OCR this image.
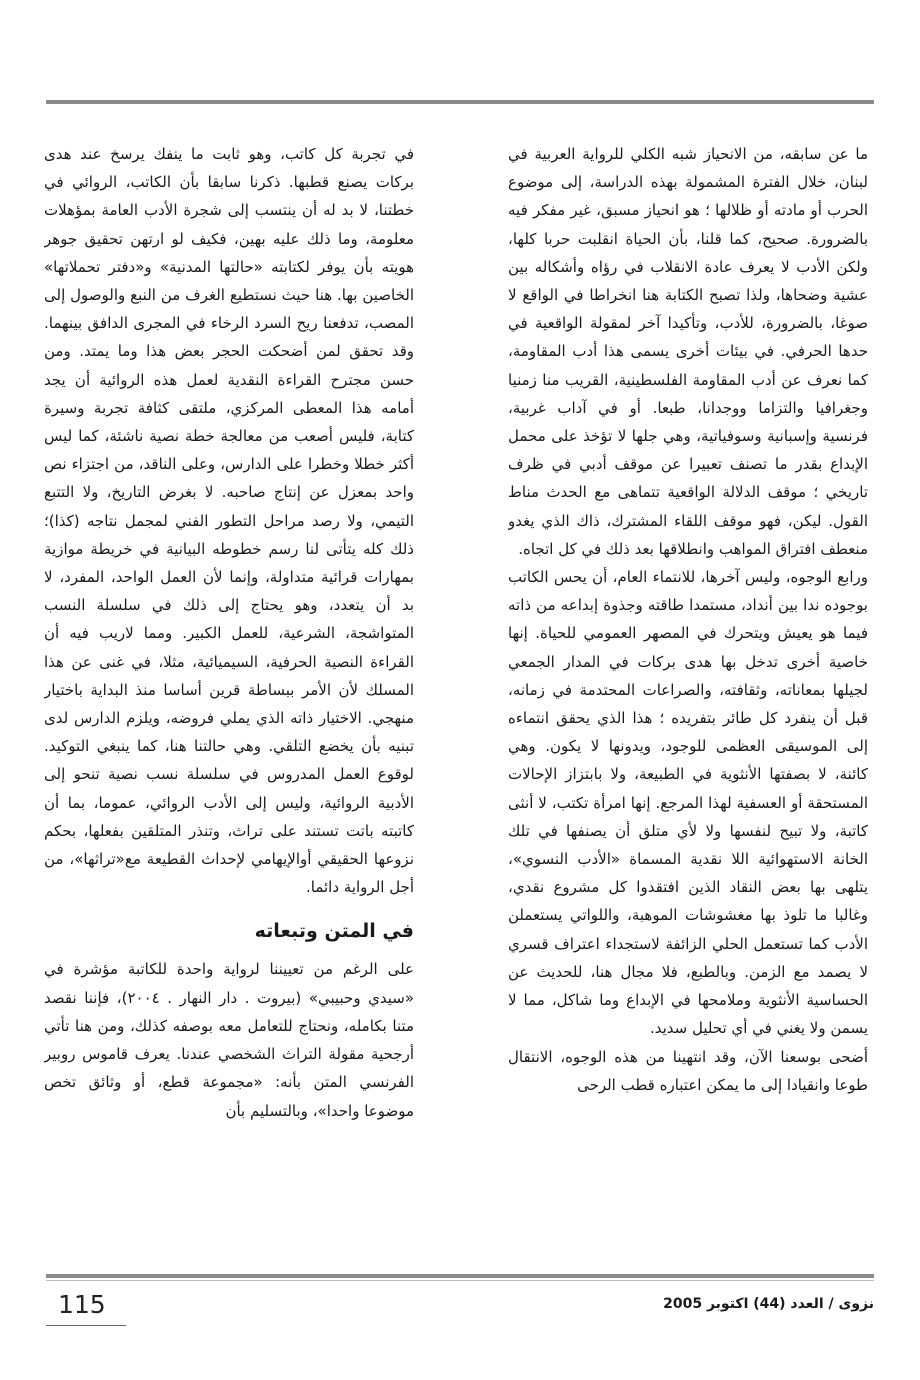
ما عن سابقه، من الانحياز شبه الكلي للرواية العربية في لبنان، خلال الفترة المشمولة بهذه الدراسة، إلى موضوع الحرب أو مادته أو ظلالها ؛ هو انحياز مسبق، غير مفكر فيه بالضرورة. صحيح، كما قلنا، بأن الحياة انقلبت حربا كلها، ولكن الأدب لا يعرف عادة الانقلاب في رؤاه وأشكاله بين عشية وضحاها، ولذا تصبح الكتابة هنا انخراطا في الواقع لا صوغا، بالضرورة، للأدب، وتأكيدا آخر لمقولة الواقعية في حدها الحرفي. في بيئات أخرى يسمى هذا أدب المقاومة، كما نعرف عن أدب المقاومة الفلسطينية، القريب منا زمنيا وجغرافيا والتزاما ووجدانا، طبعا. أو في آداب غربية، فرنسية وإسبانية وسوفياتية، وهي جلها لا تؤخذ على محمل الإبداع بقدر ما تصنف تعبيرا عن موقف أدبي في ظرف تاريخي ؛ موقف الدلالة الواقعية تتماهى مع الحدث مناط القول. ليكن، فهو موقف اللقاء المشترك، ذاك الذي يغدو منعطف افتراق المواهب وانطلاقها بعد ذلك في كل اتجاه.

ورابع الوجوه، وليس آخرها، للانتماء العام، أن يحس الكاتب بوجوده ندا بين أنداد، مستمدا طاقته وجذوة إبداعه من ذاته فيما هو يعيش ويتحرك في المصهر العمومي للحياة. إنها خاصية أخرى تدخل بها هدى بركات في المدار الجمعي لجيلها بمعاناته، وثقافته، والصراعات المحتدمة في زمانه، قبل أن ينفرد كل طائر بتفريده ؛ هذا الذي يحقق انتماءه إلى الموسيقى العظمى للوجود، ويدونها لا يكون. وهي كائنة، لا بصفتها الأنثوية في الطبيعة، ولا بابتزاز الإحالات المستحقة أو العسفية لهذا المرجع. إنها امرأة تكتب، لا أنثى كاتبة، ولا تبيح لنفسها ولا لأي متلق أن يصنفها في تلك الخانة الاستهوائية اللا نقدية المسماة «الأدب النسوي»، يتلهى بها بعض النقاد الذين افتقدوا كل مشروع نقدي، وغالبا ما تلوذ بها مغشوشات الموهبة، واللواتي يستعملن الأدب كما تستعمل الحلي الزائفة لاستجداء اعتراف قسري لا يصمد مع الزمن. وبالطبع، فلا مجال هنا، للحديث عن الحساسية الأنثوية وملامحها في الإبداع وما شاكل، مما لا يسمن ولا يغني في أي تحليل سديد.

أضحى بوسعنا الآن، وقد انتهينا من هذه الوجوه، الانتقال طوعا وانقيادا إلى ما يمكن اعتباره قطب الرحى

في تجربة كل كاتب، وهو ثابت ما ينفك يرسخ عند هدى بركات يصنع قطبها. ذكرنا سابقا بأن الكاتب، الروائي في خطتنا، لا بد له أن ينتسب إلى شجرة الأدب العامة بمؤهلات معلومة، وما ذلك عليه بهين، فكيف لو ارتهن تحقيق جوهر هويته بأن يوفر لكتابته «حالتها المدنية» و«دفتر تحملاتها» الخاصين بها. هنا حيث نستطيع الغرف من النبع والوصول إلى المصب، تدفعنا ريح السرد الرخاء في المجرى الدافق بينهما. وقد تحقق لمن أضحكت الحجر بعض هذا وما يمتد. ومن حسن مجترح القراءة النقدية لعمل هذه الروائية أن يجد أمامه هذا المعطى المركزي، ملتقى كثافة تجربة وسيرة كتابة، فليس أصعب من معالجة خطة نصية ناشئة، كما ليس أكثر خطلا وخطرا على الدارس، وعلى الناقد، من اجتزاء نص واحد بمعزل عن إنتاج صاحبه. لا بغرض التاريخ، ولا التتبع التيمي، ولا رصد مراحل التطور الفني لمجمل نتاجه (كذا)؛ ذلك كله يتأتى لنا رسم خطوطه البيانية في خريطة موازية بمهارات قرائية متداولة، وإنما لأن العمل الواحد، المفرد، لا بد أن يتعدد، وهو يحتاج إلى ذلك في سلسلة النسب المتواشجة، الشرعية، للعمل الكبير. ومما لاريب فيه أن القراءة النصية الحرفية، السيميائية، مثلا، في غنى عن هذا المسلك لأن الأمر ببساطة قرين أساسا منذ البداية باختيار منهجي. الاختيار ذاته الذي يملي فروضه، ويلزم الدارس لدى تبنيه بأن يخضع التلقي. وهي حالتنا هنا، كما ينبغي التوكيد. لوقوع العمل المدروس في سلسلة نسب نصية تنحو إلى الأدبية الروائية، وليس إلى الأدب الروائي، عموما، بما أن كاتبته باتت تستند على تراث، وتنذر المتلقين بفعلها، بحكم نزوعها الحقيقي أوالإيهامي لإحداث القطيعة مع«تراثها»، من أجل الرواية دائما.

في المتن وتبعاته

على الرغم من تعييننا لرواية واحدة للكاتبة مؤشرة في «سيدي وحبيبي» (بيروت . دار النهار . ٢٠٠٤)، فإننا نقصد متنا بكامله، ونحتاج للتعامل معه بوصفه كذلك، ومن هنا تأتي أرجحية مقولة التراث الشخصي عندنا. يعرف قاموس روبير الفرنسي المتن بأنه: «مجموعة قطع، أو وثائق تخص موضوعا واحدا»، وبالتسليم بأن

115	نزوى / العدد (44) اكتوبر 2005
